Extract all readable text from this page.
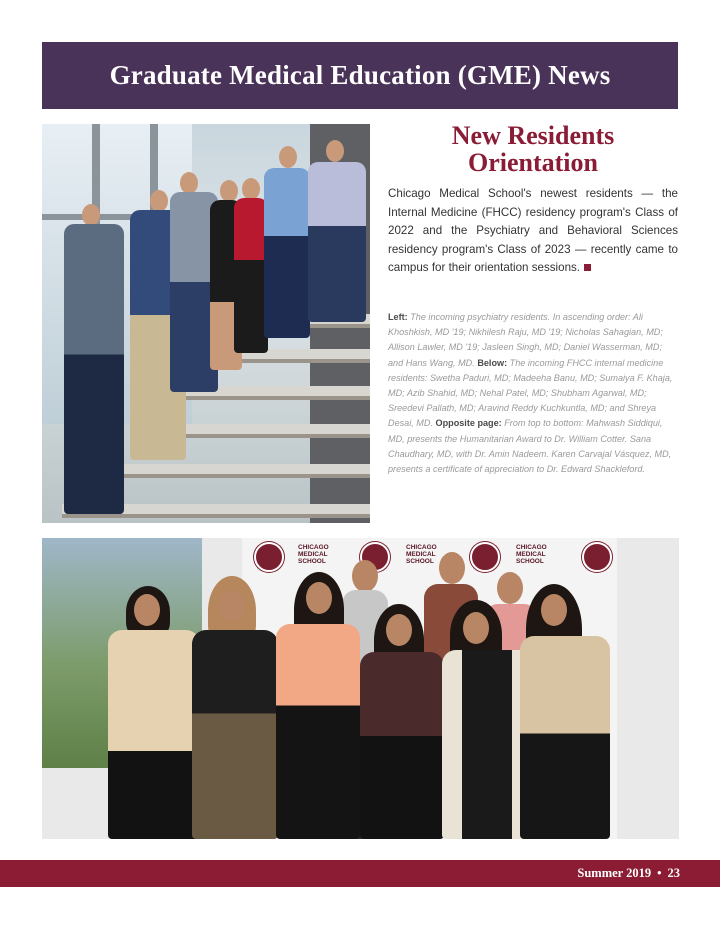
Graduate Medical Education (GME) News
New Residents
Orientation

Chicago Medical School's newest residents — the Internal Medicine (FHCC) residency program's Class of 2022 and the Psychiatry and Behavioral Sciences residency program's Class of 2023 — recently came to campus for their orientation sessions.

Left: The incoming psychiatry residents. In ascending order: Ali Khoshkish, MD '19; Nikhilesh Raju, MD '19; Nicholas Sahagian, MD; Allison Lawler, MD '19; Jasleen Singh, MD; Daniel Wasserman, MD; and Hans Wang, MD. Below: The incoming FHCC internal medicine residents: Swetha Paduri, MD; Madeeha Banu, MD; Sumaiya F. Khaja, MD; Azib Shahid, MD; Nehal Patel, MD; Shubham Agarwal, MD; Sreedevi Pallath, MD; Aravind Reddy Kuchkuntla, MD; and Shreya Desai, MD. Opposite page: From top to bottom: Mahwash Siddiqui, MD, presents the Humanitarian Award to Dr. William Cotter. Sana Chaudhary, MD, with Dr. Amin Nadeem. Karen Carvajal Vásquez, MD, presents a certificate of appreciation to Dr. Edward Shackleford.

CHICAGO
MEDICAL
SCHOOL
CHICAGO
MEDICAL
SCHOOL
CHICAGO
MEDICAL
SCHOOL
Summer 2019 • 23
